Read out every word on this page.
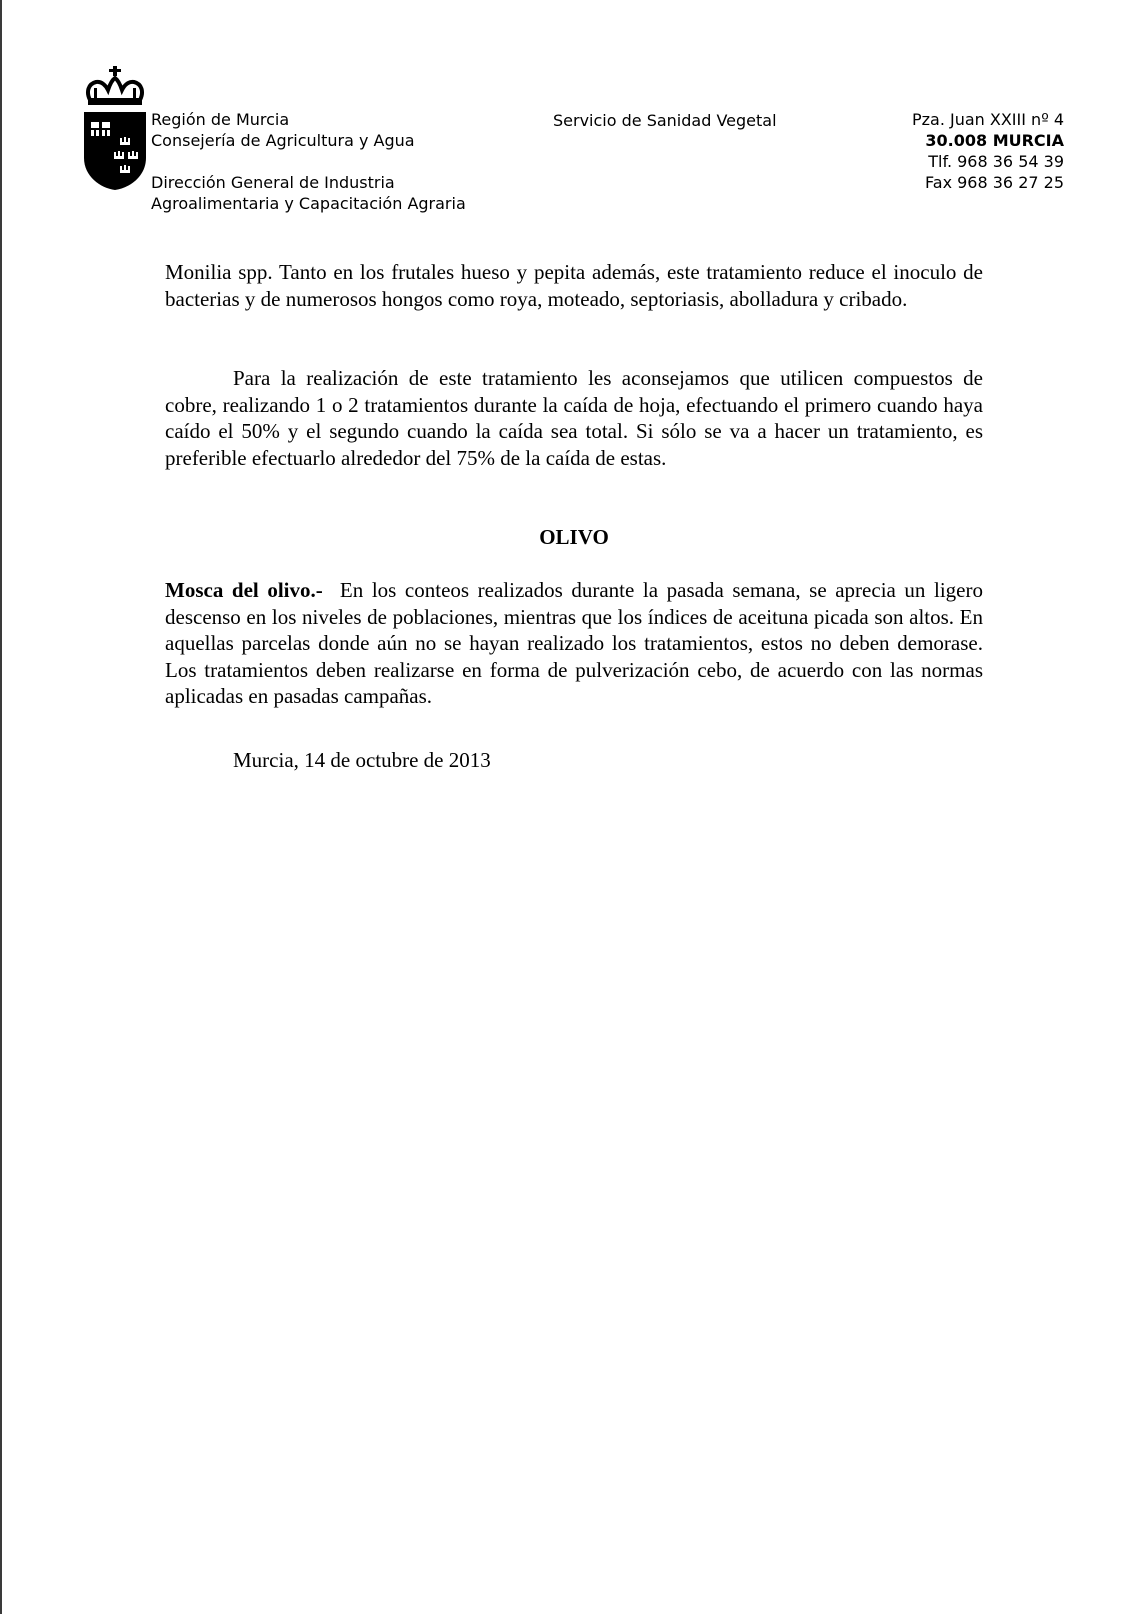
Región de Murcia
Consejería de Agricultura y Agua
Dirección General de Industria
Agroalimentaria y Capacitación Agraria
Servicio de Sanidad Vegetal	Pza. Juan XXIII nº 4
30.008 MURCIA
Tlf. 968 36 54 39
Fax 968 36 27 25

Monilia spp. Tanto en los frutales hueso y pepita además, este tratamiento reduce el inoculo de bacterias y de numerosos hongos como roya, moteado, septoriasis, abolladura y cribado.

Para la realización de este tratamiento les aconsejamos que utilicen compuestos de cobre, realizando 1 o 2 tratamientos durante la caída de hoja, efectuando el primero cuando haya caído el 50% y el segundo cuando la caída sea total. Si sólo se va a hacer un tratamiento, es preferible efectuarlo alrededor del 75% de la caída de estas.

OLIVO

Mosca del olivo.- En los conteos realizados durante la pasada semana, se aprecia un ligero descenso en los niveles de poblaciones, mientras que los índices de aceituna picada son altos. En aquellas parcelas donde aún no se hayan realizado los tratamientos, estos no deben demorase. Los tratamientos deben realizarse en forma de pulverización cebo, de acuerdo con las normas aplicadas en pasadas campañas.

Murcia, 14 de octubre de 2013
